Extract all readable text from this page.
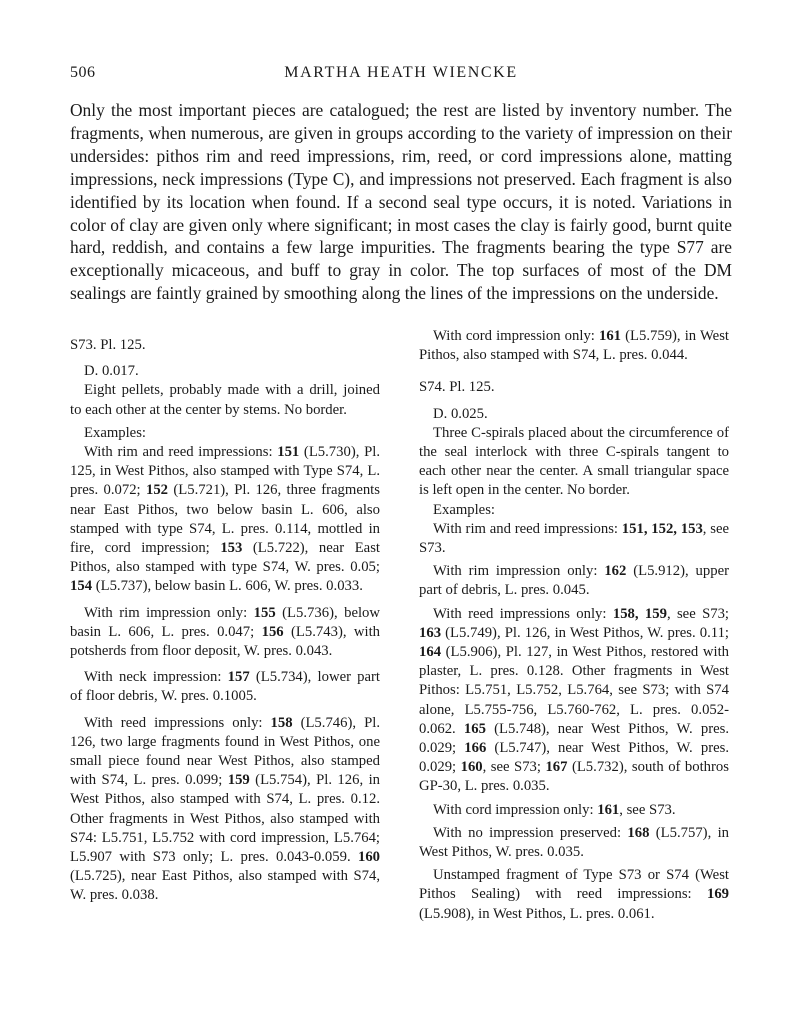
506	MARTHA HEATH WIENCKE

Only the most important pieces are catalogued; the rest are listed by inventory number. The fragments, when numerous, are given in groups according to the variety of impression on their undersides: pithos rim and reed impressions, rim, reed, or cord impressions alone, matting impressions, neck impressions (Type C), and impressions not preserved. Each fragment is also identified by its location when found. If a second seal type occurs, it is noted. Variations in color of clay are given only where significant; in most cases the clay is fairly good, burnt quite hard, reddish, and contains a few large impurities. The fragments bearing the type S77 are exceptionally micaceous, and buff to gray in color. The top surfaces of most of the DM sealings are faintly grained by smoothing along the lines of the impressions on the underside.

S73. Pl. 125.

D. 0.017.

Eight pellets, probably made with a drill, joined to each other at the center by stems. No border.

Examples:

With rim and reed impressions: 151 (L5.730), Pl. 125, in West Pithos, also stamped with Type S74, L. pres. 0.072; 152 (L5.721), Pl. 126, three fragments near East Pithos, two below basin L. 606, also stamped with type S74, L. pres. 0.114, mottled in fire, cord impression; 153 (L5.722), near East Pithos, also stamped with type S74, W. pres. 0.05; 154 (L5.737), below basin L. 606, W. pres. 0.033.

With rim impression only: 155 (L5.736), below basin L. 606, L. pres. 0.047; 156 (L5.743), with potsherds from floor deposit, W. pres. 0.043.

With neck impression: 157 (L5.734), lower part of floor debris, W. pres. 0.1005.

With reed impressions only: 158 (L5.746), Pl. 126, two large fragments found in West Pithos, one small piece found near West Pithos, also stamped with S74, L. pres. 0.099; 159 (L5.754), Pl. 126, in West Pithos, also stamped with S74, L. pres. 0.12. Other fragments in West Pithos, also stamped with S74: L5.751, L5.752 with cord impression, L5.764; L5.907 with S73 only; L. pres. 0.043-0.059. 160 (L5.725), near East Pithos, also stamped with S74, W. pres. 0.038.

With cord impression only: 161 (L5.759), in West Pithos, also stamped with S74, L. pres. 0.044.

S74. Pl. 125.

D. 0.025.

Three C-spirals placed about the circumference of the seal interlock with three C-spirals tangent to each other near the center. A small triangular space is left open in the center. No border.

Examples:

With rim and reed impressions: 151, 152, 153, see S73.

With rim impression only: 162 (L5.912), upper part of debris, L. pres. 0.045.

With reed impressions only: 158, 159, see S73; 163 (L5.749), Pl. 126, in West Pithos, W. pres. 0.11; 164 (L5.906), Pl. 127, in West Pithos, restored with plaster, L. pres. 0.128. Other fragments in West Pithos: L5.751, L5.752, L5.764, see S73; with S74 alone, L5.755-756, L5.760-762, L. pres. 0.052-0.062. 165 (L5.748), near West Pithos, W. pres. 0.029; 166 (L5.747), near West Pithos, W. pres. 0.029; 160, see S73; 167 (L5.732), south of bothros GP-30, L. pres. 0.035.

With cord impression only: 161, see S73.

With no impression preserved: 168 (L5.757), in West Pithos, W. pres. 0.035.

Unstamped fragment of Type S73 or S74 (West Pithos Sealing) with reed impressions: 169 (L5.908), in West Pithos, L. pres. 0.061.
